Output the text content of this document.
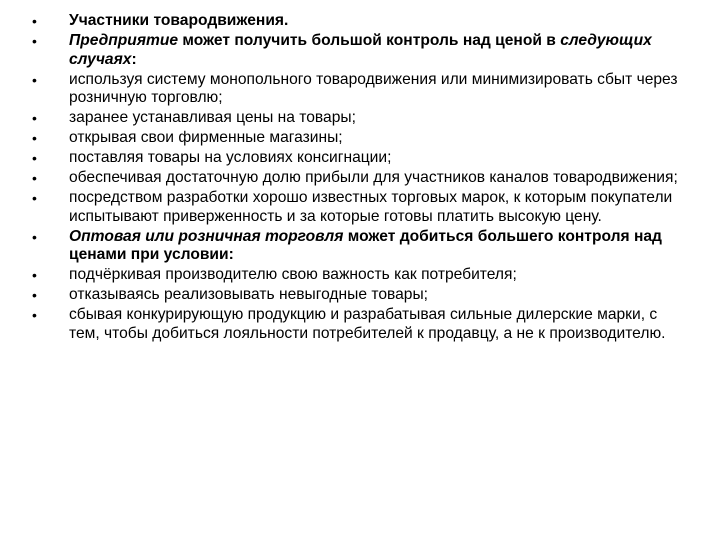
• Участники товародвижения.
• Предприятие может получить большой контроль над ценой в следующих случаях:
• используя систему монопольного товародвижения или минимизировать сбыт через розничную торговлю;
• заранее устанавливая цены на товары;
• открывая свои фирменные магазины;
• поставляя товары на условиях консигнации;
• обеспечивая достаточную долю прибыли для участников каналов товародвижения;
• посредством разработки хорошо известных торговых марок, к которым покупатели испытывают приверженность и за которые готовы платить высокую цену.
• Оптовая или розничная торговля может добиться большего контроля над ценами при условии:
• подчёркивая производителю свою важность как потребителя;
• отказываясь реализовывать невыгодные товары;
• сбывая конкурирующую продукцию и разрабатывая сильные дилерские марки, с тем, чтобы добиться лояльности потребителей к продавцу, а не к производителю.
